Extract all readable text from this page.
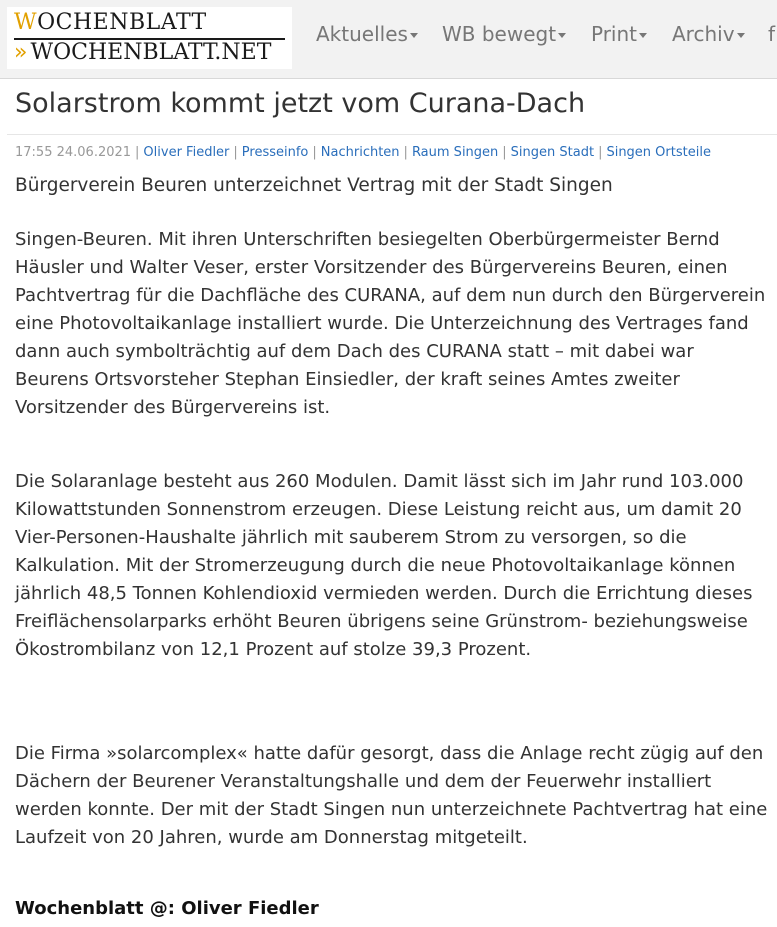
WOCHENBLATT
» WOCHENBLATT.NET
Aktuelles	WB bewegt	Print	Archiv	f
Solarstrom kommt jetzt vom Curana-Dach
17:55 24.06.2021 | Oliver Fiedler | Presseinfo | Nachrichten | Raum Singen | Singen Stadt | Singen Ortsteile
Bürgerverein Beuren unterzeichnet Vertrag mit der Stadt Singen

Singen-Beuren. Mit ihren Unterschriften besiegelten Oberbürgermeister Bernd Häusler und Walter Veser, erster Vorsitzender des Bürgervereins Beuren, einen Pachtvertrag für die Dachfläche des CURANA, auf dem nun durch den Bürgerverein eine Photovoltaikanlage installiert wurde. Die Unterzeichnung des Vertrages fand dann auch symbolträchtig auf dem Dach des CURANA statt – mit dabei war Beurens Ortsvorsteher Stephan Einsiedler, der kraft seines Amtes zweiter Vorsitzender des Bürgervereins ist.

Die Solaranlage besteht aus 260 Modulen. Damit lässt sich im Jahr rund 103.000 Kilowattstunden Sonnenstrom erzeugen. Diese Leistung reicht aus, um damit 20 Vier-Personen-Haushalte jährlich mit sauberem Strom zu versorgen, so die Kalkulation. Mit der Stromerzeugung durch die neue Photovoltaikanlage können jährlich 48,5 Tonnen Kohlendioxid vermieden werden. Durch die Errichtung dieses Freiflächensolarparks erhöht Beuren übrigens seine Grünstrom- beziehungsweise Ökostrombilanz von 12,1 Prozent auf stolze 39,3 Prozent.

Die Firma »solarcomplex« hatte dafür gesorgt, dass die Anlage recht zügig auf den Dächern der Beurener Veranstaltungshalle und dem der Feuerwehr installiert werden konnte. Der mit der Stadt Singen nun unterzeichnete Pachtvertrag hat eine Laufzeit von 20 Jahren, wurde am Donnerstag mitgeteilt.

Wochenblatt @: Oliver Fiedler
